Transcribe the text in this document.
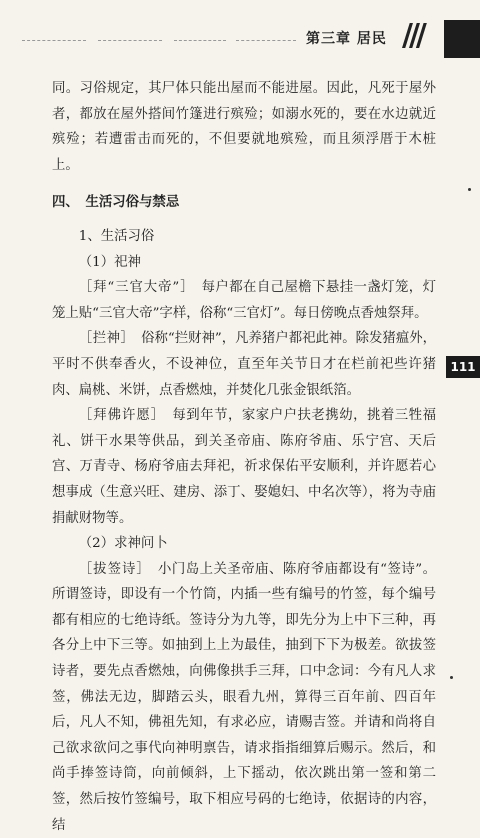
第三章 居民 ///
111

同。习俗规定，其尸体只能出屋而不能进屋。因此，凡死于屋外者，都放在屋外搭间竹篷进行殡殓；如溺水死的，要在水边就近殡殓；若遭雷击而死的，不但要就地殡殓，而且须浮厝于木桩上。

四、　生活习俗与禁忌

1、生活习俗

（1）祀神

［拜“三官大帝”］　 每户都在自己屋檐下悬挂一盏灯笼，灯笼上贴“三官大帝”字样，俗称“三官灯”。每日傍晚点香烛祭拜。

［拦神］　 俗称“拦财神”，凡养猪户都祀此神。除发猪瘟外，平时不供奉香火，不设神位，直至年关节日才在栏前祀些许猪肉、扁桃、米饼，点香燃烛，并焚化几张金银纸箔。

［拜佛许愿］　 每到年节，家家户户扶老携幼，挑着三牲福礼、饼干水果等供品，到关圣帝庙、陈府爷庙、乐宁宫、天后宫、万青寺、杨府爷庙去拜祀，祈求保佑平安顺利，并许愿若心想事成（生意兴旺、建房、添丁、娶媳妇、中名次等），将为寺庙捐献财物等。

（2）求神问卜

［拔签诗］　 小门岛上关圣帝庙、陈府爷庙都设有“签诗”。所谓签诗，即设有一个竹筒，内插一些有编号的竹签，每个编号都有相应的七绝诗纸。签诗分为九等，即先分为上中下三种，再各分上中下三等。如抽到上上为最佳，抽到下下为极差。欲拔签诗者，要先点香燃烛，向佛像拱手三拜，口中念词：今有凡人求签，佛法无边，脚踏云头，眼看九州，算得三百年前、四百年后，凡人不知，佛祖先知，有求必应，请赐吉签。并请和尚将自己欲求欲问之事代向神明禀告，请求指指细算后赐示。然后，和尚手捧签诗筒，向前倾斜，上下摇动，依次跳出第一签和第二签，然后按竹签编号，取下相应号码的七绝诗，依据诗的内容，结
